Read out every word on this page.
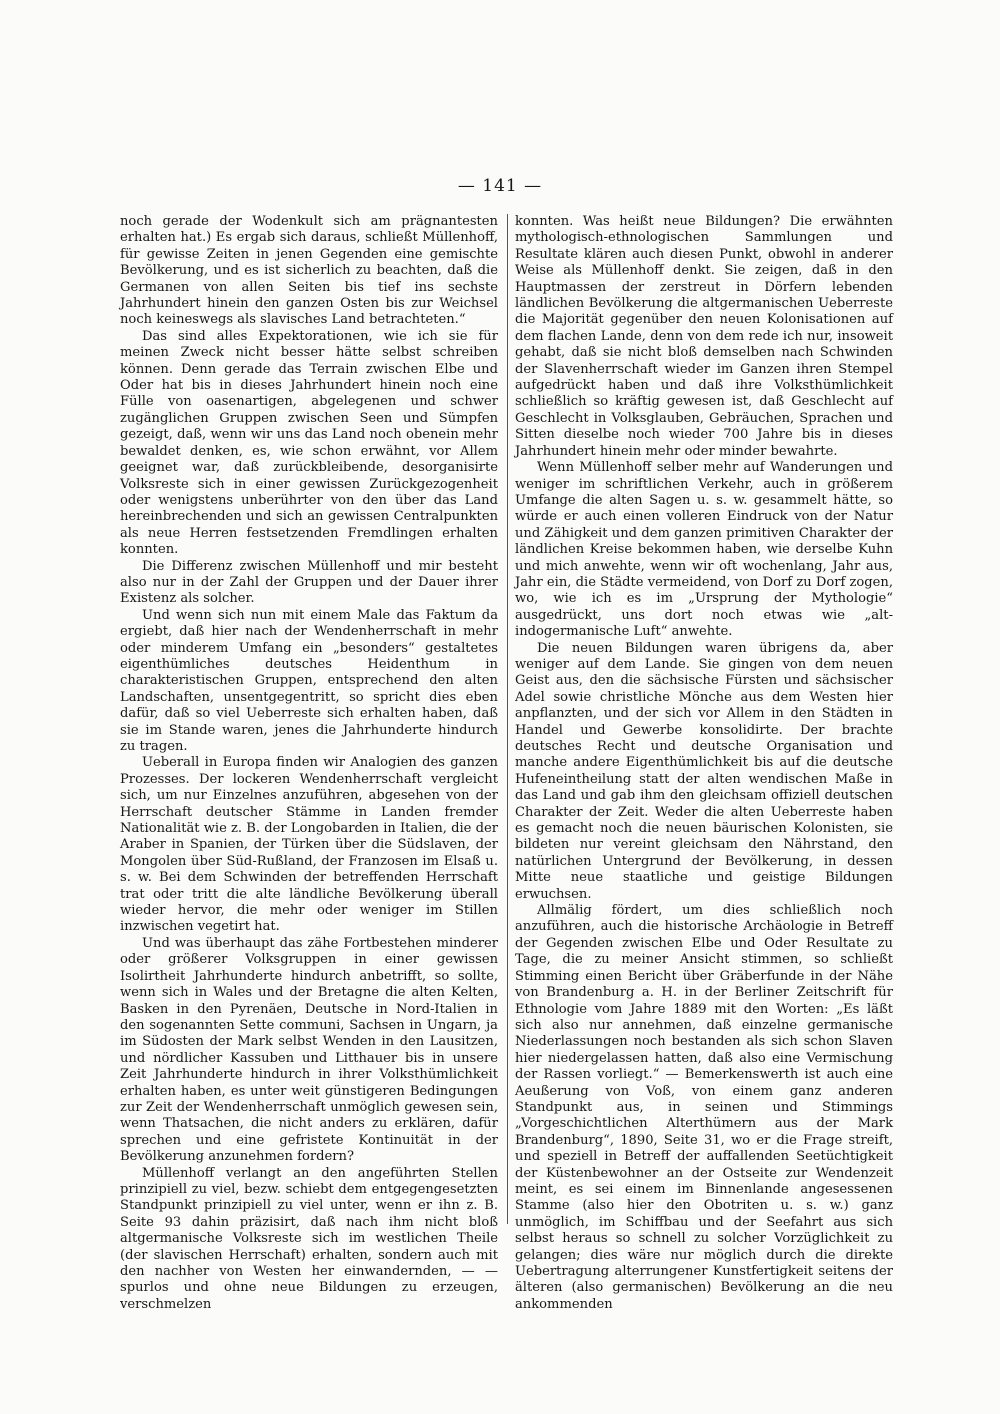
— 141 —

noch gerade der Wodenkult sich am prägnantesten erhalten hat.) Es ergab sich daraus, schließt Müllenhoff, für gewisse Zeiten in jenen Gegenden eine gemischte Bevölkerung, und es ist sicherlich zu beachten, daß die Germanen von allen Seiten bis tief ins sechste Jahrhundert hinein den ganzen Osten bis zur Weichsel noch keineswegs als slavisches Land betrachteten.“

Das sind alles Expektorationen, wie ich sie für meinen Zweck nicht besser hätte selbst schreiben können. Denn gerade das Terrain zwischen Elbe und Oder hat bis in dieses Jahrhundert hinein noch eine Fülle von oasenartigen, abgelegenen und schwer zugänglichen Gruppen zwischen Seen und Sümpfen gezeigt, daß, wenn wir uns das Land noch obenein mehr bewaldet denken, es, wie schon erwähnt, vor Allem geeignet war, daß zurückbleibende, desorganisirte Volksreste sich in einer gewissen Zurückgezogenheit oder wenigstens unberührter von den über das Land hereinbrechenden und sich an gewissen Centralpunkten als neue Herren festsetzenden Fremdlingen erhalten konnten.

Die Differenz zwischen Müllenhoff und mir besteht also nur in der Zahl der Gruppen und der Dauer ihrer Existenz als solcher.

Und wenn sich nun mit einem Male das Faktum da ergiebt, daß hier nach der Wendenherrschaft in mehr oder minderem Umfang ein „besonders“ gestaltetes eigenthümliches deutsches Heidenthum in charakteristischen Gruppen, entsprechend den alten Landschaften, unsentgegentritt, so spricht dies eben dafür, daß so viel Ueberreste sich erhalten haben, daß sie im Stande waren, jenes die Jahrhunderte hindurch zu tragen.

Ueberall in Europa finden wir Analogien des ganzen Prozesses. Der lockeren Wendenherrschaft vergleicht sich, um nur Einzelnes anzuführen, abgesehen von der Herrschaft deutscher Stämme in Landen fremder Nationalität wie z. B. der Longobarden in Italien, die der Araber in Spanien, der Türken über die Südslaven, der Mongolen über Süd-Rußland, der Franzosen im Elsaß u. s. w. Bei dem Schwinden der betreffenden Herrschaft trat oder tritt die alte ländliche Bevölkerung überall wieder hervor, die mehr oder weniger im Stillen inzwischen vegetirt hat.

Und was überhaupt das zähe Fortbestehen minderer oder größerer Volksgruppen in einer gewissen Isolirtheit Jahrhunderte hindurch anbetrifft, so sollte, wenn sich in Wales und der Bretagne die alten Kelten, Basken in den Pyrenäen, Deutsche in Nord-Italien in den sogenannten Sette communi, Sachsen in Ungarn, ja im Südosten der Mark selbst Wenden in den Lausitzen, und nördlicher Kassuben und Litthauer bis in unsere Zeit Jahrhunderte hindurch in ihrer Volksthümlichkeit erhalten haben, es unter weit günstigeren Bedingungen zur Zeit der Wendenherrschaft unmöglich gewesen sein, wenn Thatsachen, die nicht anders zu erklären, dafür sprechen und eine gefristete Kontinuität in der Bevölkerung anzunehmen fordern?

Müllenhoff verlangt an den angeführten Stellen prinzipiell zu viel, bezw. schiebt dem entgegengesetzten Standpunkt prinzipiell zu viel unter, wenn er ihn z. B. Seite 93 dahin präzisirt, daß nach ihm nicht bloß altgermanische Volksreste sich im westlichen Theile (der slavischen Herrschaft) erhalten, sondern auch mit den nachher von Westen her einwandernden, — — spurlos und ohne neue Bildungen zu erzeugen, verschmelzen

konnten. Was heißt neue Bildungen? Die erwähnten mythologisch-ethnologischen Sammlungen und Resultate klären auch diesen Punkt, obwohl in anderer Weise als Müllenhoff denkt. Sie zeigen, daß in den Hauptmassen der zerstreut in Dörfern lebenden ländlichen Bevölkerung die altgermanischen Ueberreste die Majorität gegenüber den neuen Kolonisationen auf dem flachen Lande, denn von dem rede ich nur, insoweit gehabt, daß sie nicht bloß demselben nach Schwinden der Slavenherrschaft wieder im Ganzen ihren Stempel aufgedrückt haben und daß ihre Volksthümlichkeit schließlich so kräftig gewesen ist, daß Geschlecht auf Geschlecht in Volksglauben, Gebräuchen, Sprachen und Sitten dieselbe noch wieder 700 Jahre bis in dieses Jahrhundert hinein mehr oder minder bewahrte.

Wenn Müllenhoff selber mehr auf Wanderungen und weniger im schriftlichen Verkehr, auch in größerem Umfange die alten Sagen u. s. w. gesammelt hätte, so würde er auch einen volleren Eindruck von der Natur und Zähigkeit und dem ganzen primitiven Charakter der ländlichen Kreise bekommen haben, wie derselbe Kuhn und mich anwehte, wenn wir oft wochenlang, Jahr aus, Jahr ein, die Städte vermeidend, von Dorf zu Dorf zogen, wo, wie ich es im „Ursprung der Mythologie“ ausgedrückt, uns dort noch etwas wie „alt-indogermanische Luft“ anwehte.

Die neuen Bildungen waren übrigens da, aber weniger auf dem Lande. Sie gingen von dem neuen Geist aus, den die sächsische Fürsten und sächsischer Adel sowie christliche Mönche aus dem Westen hier anpflanzten, und der sich vor Allem in den Städten in Handel und Gewerbe konsolidirte. Der brachte deutsches Recht und deutsche Organisation und manche andere Eigenthümlichkeit bis auf die deutsche Hufeneintheilung statt der alten wendischen Maße in das Land und gab ihm den gleichsam offiziell deutschen Charakter der Zeit. Weder die alten Ueberreste haben es gemacht noch die neuen bäurischen Kolonisten, sie bildeten nur vereint gleichsam den Nährstand, den natürlichen Untergrund der Bevölkerung, in dessen Mitte neue staatliche und geistige Bildungen erwuchsen.

Allmälig fördert, um dies schließlich noch anzuführen, auch die historische Archäologie in Betreff der Gegenden zwischen Elbe und Oder Resultate zu Tage, die zu meiner Ansicht stimmen, so schließt Stimming einen Bericht über Gräberfunde in der Nähe von Brandenburg a. H. in der Berliner Zeitschrift für Ethnologie vom Jahre 1889 mit den Worten: „Es läßt sich also nur annehmen, daß einzelne germanische Niederlassungen noch bestanden als sich schon Slaven hier niedergelassen hatten, daß also eine Vermischung der Rassen vorliegt.“ — Bemerkenswerth ist auch eine Aeußerung von Voß, von einem ganz anderen Standpunkt aus, in seinen und Stimmings „Vorgeschichtlichen Alterthümern aus der Mark Brandenburg“, 1890, Seite 31, wo er die Frage streift, und speziell in Betreff der auffallenden Seetüchtigkeit der Küstenbewohner an der Ostseite zur Wendenzeit meint, es sei einem im Binnenlande angesessenen Stamme (also hier den Obotriten u. s. w.) ganz unmöglich, im Schiffbau und der Seefahrt aus sich selbst heraus so schnell zu solcher Vorzüglichkeit zu gelangen; dies wäre nur möglich durch die direkte Uebertragung alterrungener Kunstfertigkeit seitens der älteren (also germanischen) Bevölkerung an die neu ankommenden
